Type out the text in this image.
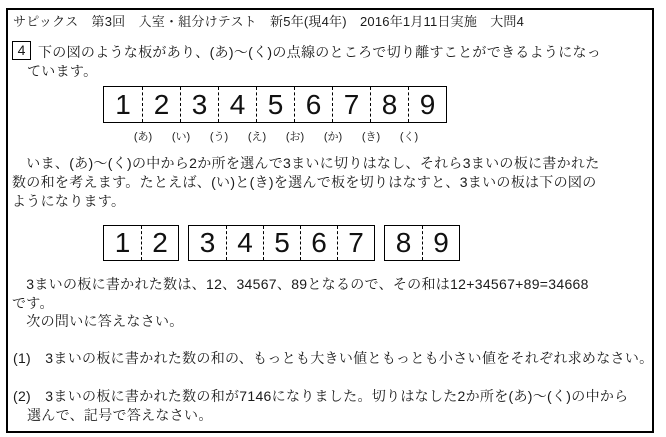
サピックス　第3回　入室・組分けテスト　新5年(現4年)　2016年1月11日実施　大問4
4 下の図のような板があり、(あ)～(く)の点線のところで切り離すことができるようになっ
ています。
1 2 3 4 5 6 7 8 9
(あ)	(い)	(う)	(え)	(お)	(か)	(き)	(く)
　いま、(あ)～(く)の中から2か所を選んで3まいに切りはなし、それら3まいの板に書かれた
数の和を考えます。たとえば、(い)と(き)を選んで板を切りはなすと、3まいの板は下の図の
ようになります。
1 2	3 4 5 6 7	8 9
　3まいの板に書かれた数は、12、34567、89となるので、その和は12+34567+89=34668
です。
　次の問いに答えなさい。
(1)　3まいの板に書かれた数の和の、もっとも大きい値ともっとも小さい値をそれぞれ求めなさい。
(2)　3まいの板に書かれた数の和が7146になりました。切りはなした2か所を(あ)～(く)の中から
選んで、記号で答えなさい。
